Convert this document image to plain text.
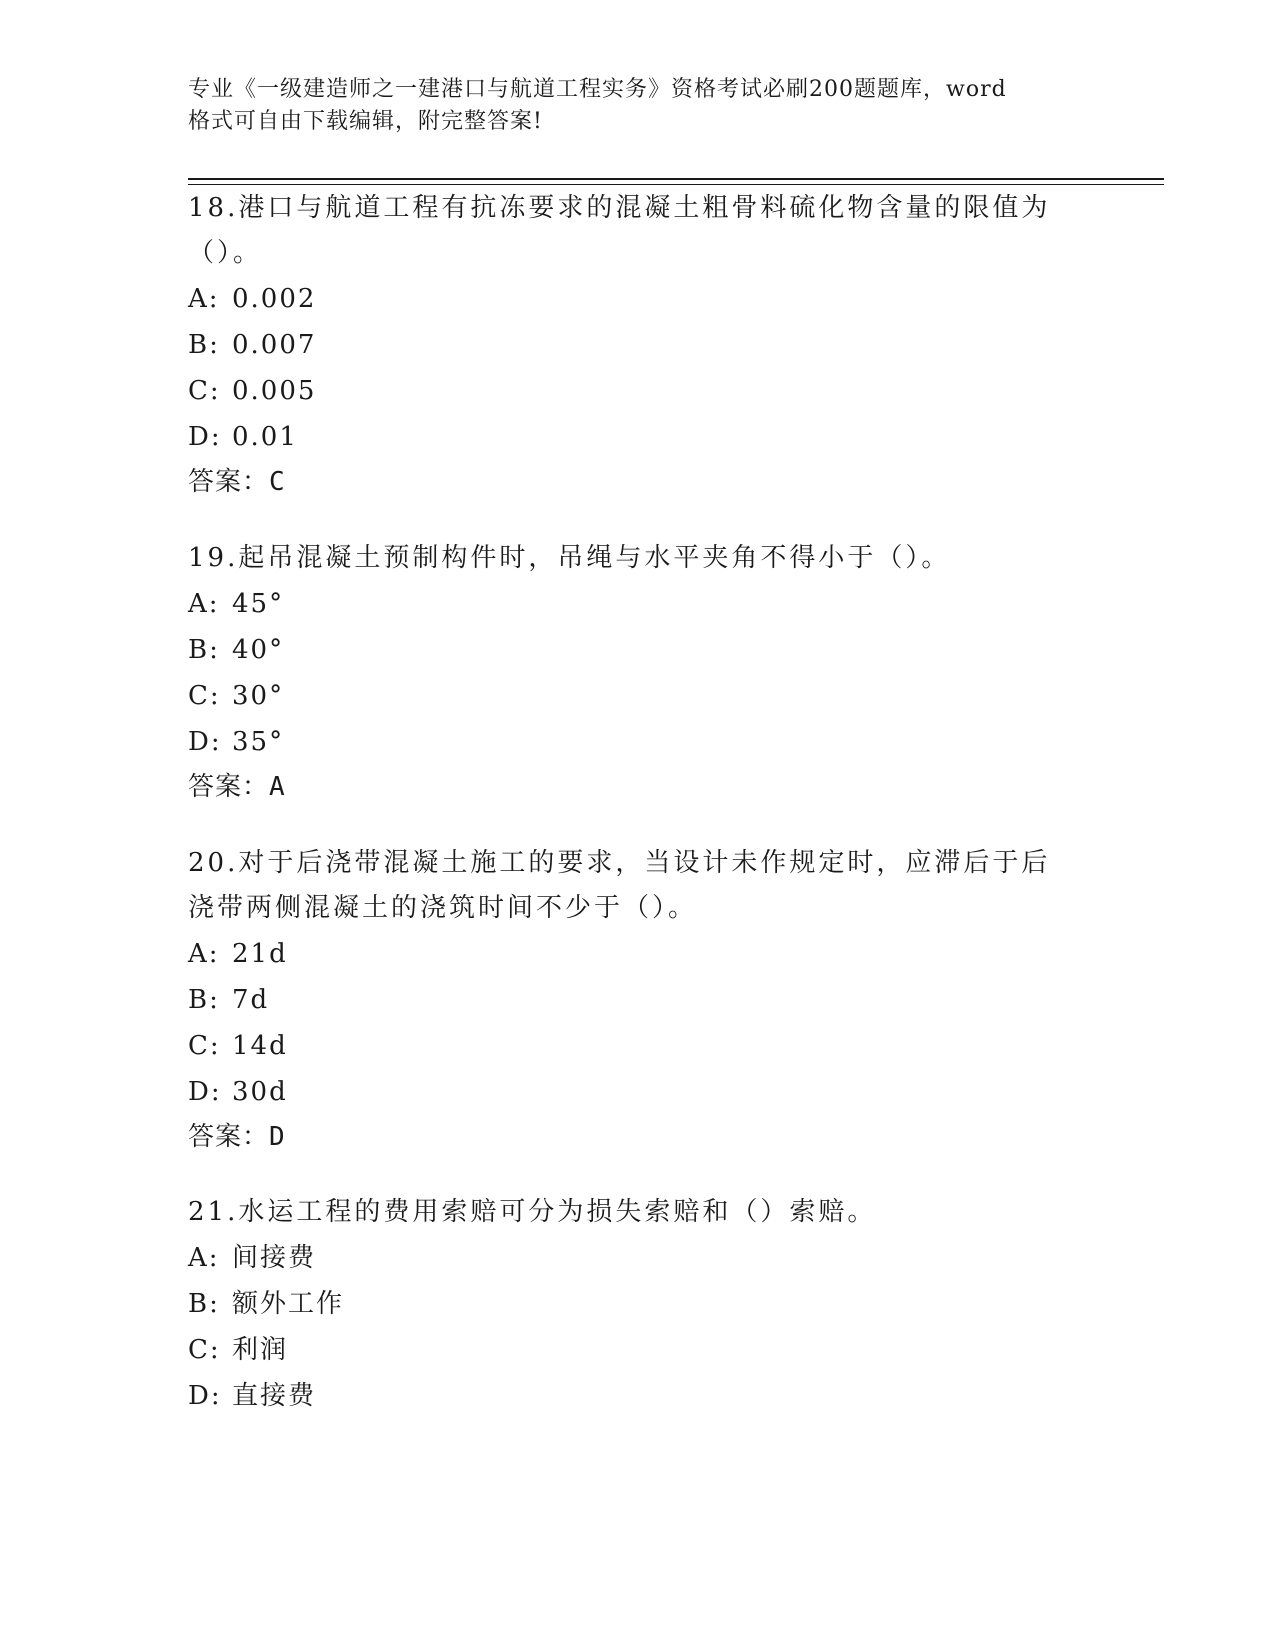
专业《一级建造师之一建港口与航道工程实务》资格考试必刷200题题库，word
格式可自由下载编辑，附完整答案!

18.港口与航道工程有抗冻要求的混凝土粗骨料硫化物含量的限值为（）。

A: 0.002
B: 0.007
C: 0.005
D: 0.01
答案：C

19.起吊混凝土预制构件时，吊绳与水平夹角不得小于（）。

A: 45°
B: 40°
C: 30°
D: 35°
答案：A

20.对于后浇带混凝土施工的要求，当设计未作规定时，应滞后于后浇带两侧混凝土的浇筑时间不少于（）。

A: 21d
B: 7d
C: 14d
D: 30d
答案：D

21.水运工程的费用索赔可分为损失索赔和（）索赔。

A: 间接费
B: 额外工作
C: 利润
D: 直接费
